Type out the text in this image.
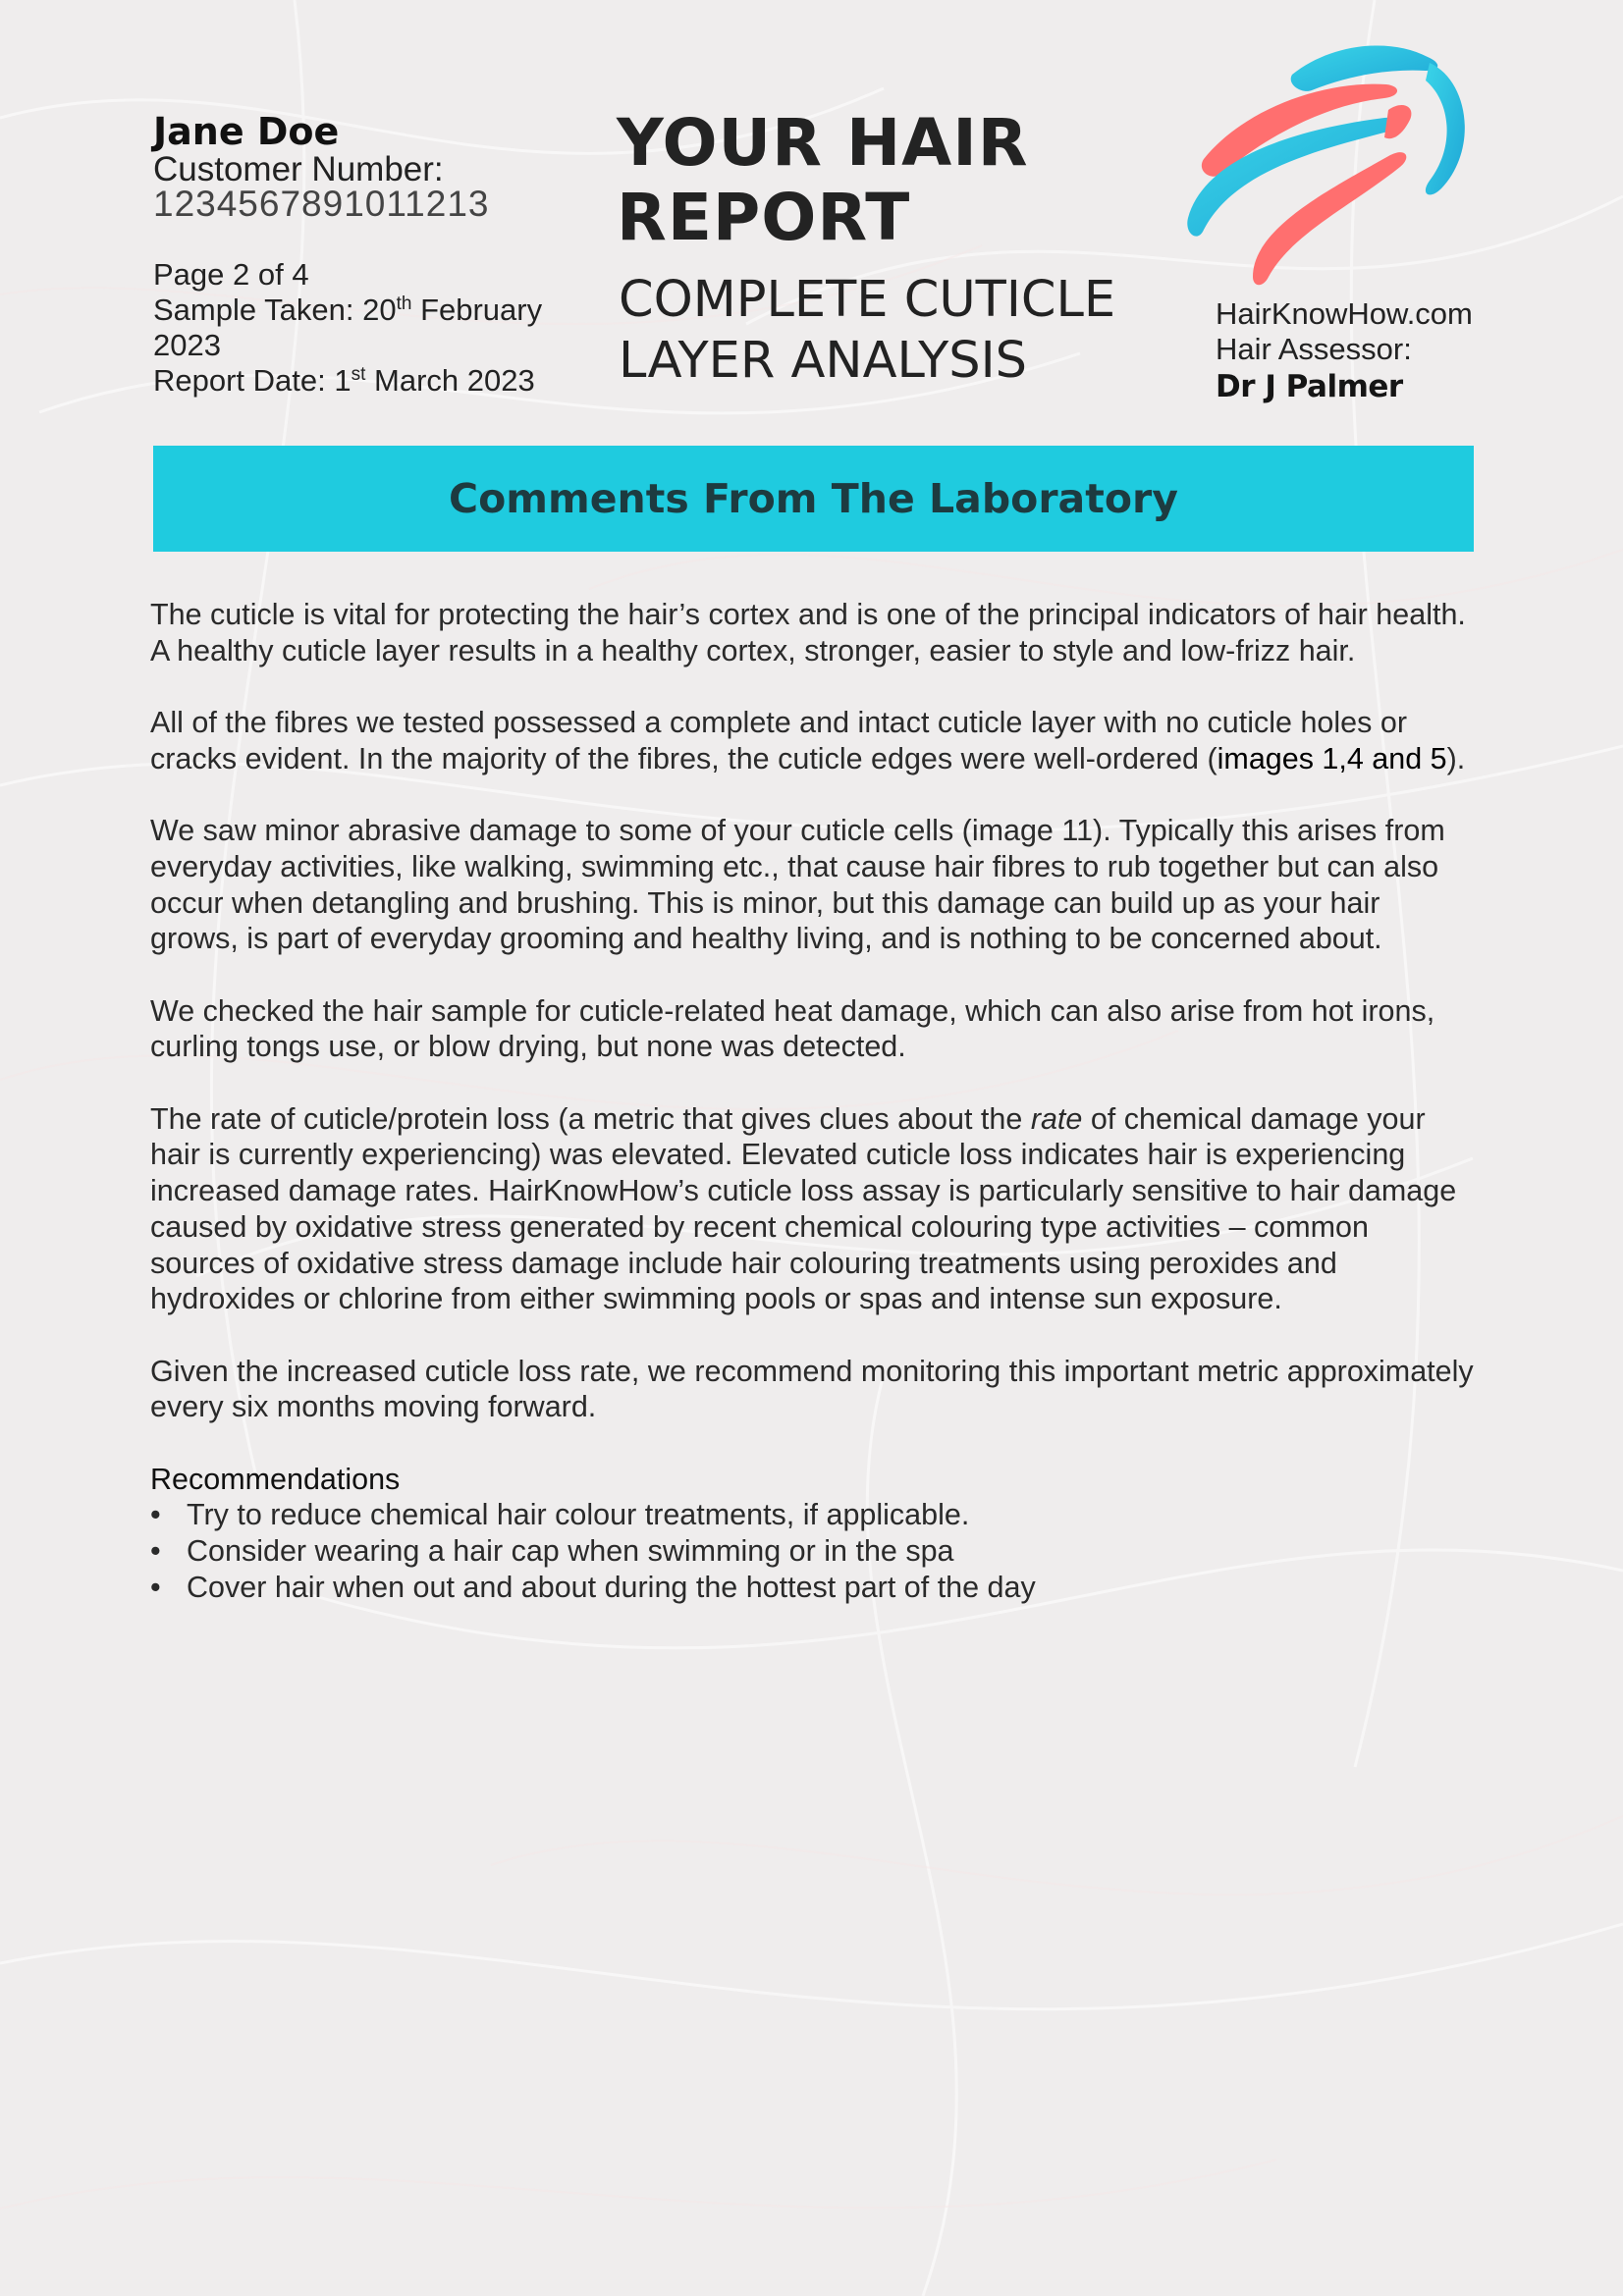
Jane Doe
Customer Number:
1234567891011213
Page 2 of 4
Sample Taken: 20th February 2023
Report Date: 1st March 2023
YOUR HAIR
REPORT
COMPLETE CUTICLE
LAYER ANALYSIS
HairKnowHow.com
Hair Assessor:
Dr J Palmer
Comments From The Laboratory

The cuticle is vital for protecting the hair’s cortex and is one of the principal indicators of hair health. A healthy cuticle layer results in a healthy cortex, stronger, easier to style and low-frizz hair.

All of the fibres we tested possessed a complete and intact cuticle layer with no cuticle holes or cracks evident. In the majority of the fibres, the cuticle edges were well-ordered (images 1,4 and 5).

We saw minor abrasive damage to some of your cuticle cells (image 11). Typically this arises from everyday activities, like walking, swimming etc., that cause hair fibres to rub together but can also occur when detangling and brushing. This is minor, but this damage can build up as your hair grows, is part of everyday grooming and healthy living, and is nothing to be concerned about.

We checked the hair sample for cuticle-related heat damage, which can also arise from hot irons, curling tongs use, or blow drying, but none was detected.

The rate of cuticle/protein loss (a metric that gives clues about the rate of chemical damage your hair is currently experiencing) was elevated. Elevated cuticle loss indicates hair is experiencing increased damage rates. HairKnowHow’s cuticle loss assay is particularly sensitive to hair damage caused by oxidative stress generated by recent chemical colouring type activities – common sources of oxidative stress damage include hair colouring treatments using peroxides and hydroxides or chlorine from either swimming pools or spas and intense sun exposure.

Given the increased cuticle loss rate, we recommend monitoring this important metric approximately every six months moving forward.

Recommendations
• Try to reduce chemical hair colour treatments, if applicable.
• Consider wearing a hair cap when swimming or in the spa
• Cover hair when out and about during the hottest part of the day
